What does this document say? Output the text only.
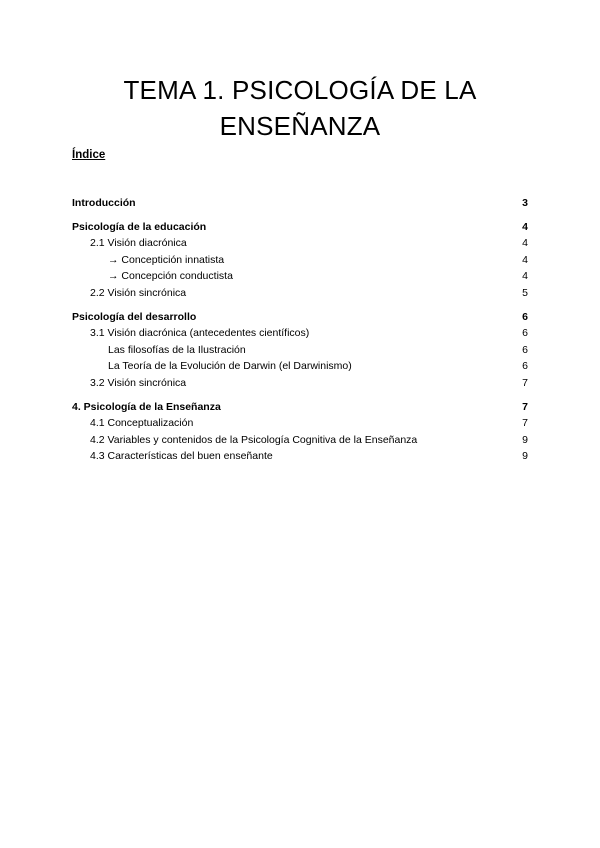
TEMA 1. PSICOLOGÍA DE LA
ENSEÑANZA
Índice
Introducción	3
Psicología de la educación	4
2.1 Visión diacrónica	4
→ Conceptición innatista	4
→ Concepción conductista	4
2.2 Visión sincrónica	5
Psicología del desarrollo	6
3.1 Visión diacrónica (antecedentes científicos)	6
Las filosofías de la Ilustración	6
La Teoría de la Evolución de Darwin (el Darwinismo)	6
3.2 Visión sincrónica	7
4. Psicología de la Enseñanza	7
4.1 Conceptualización	7
4.2 Variables y contenidos de la Psicología Cognitiva de la Enseñanza	9
4.3 Características del buen enseñante	9
